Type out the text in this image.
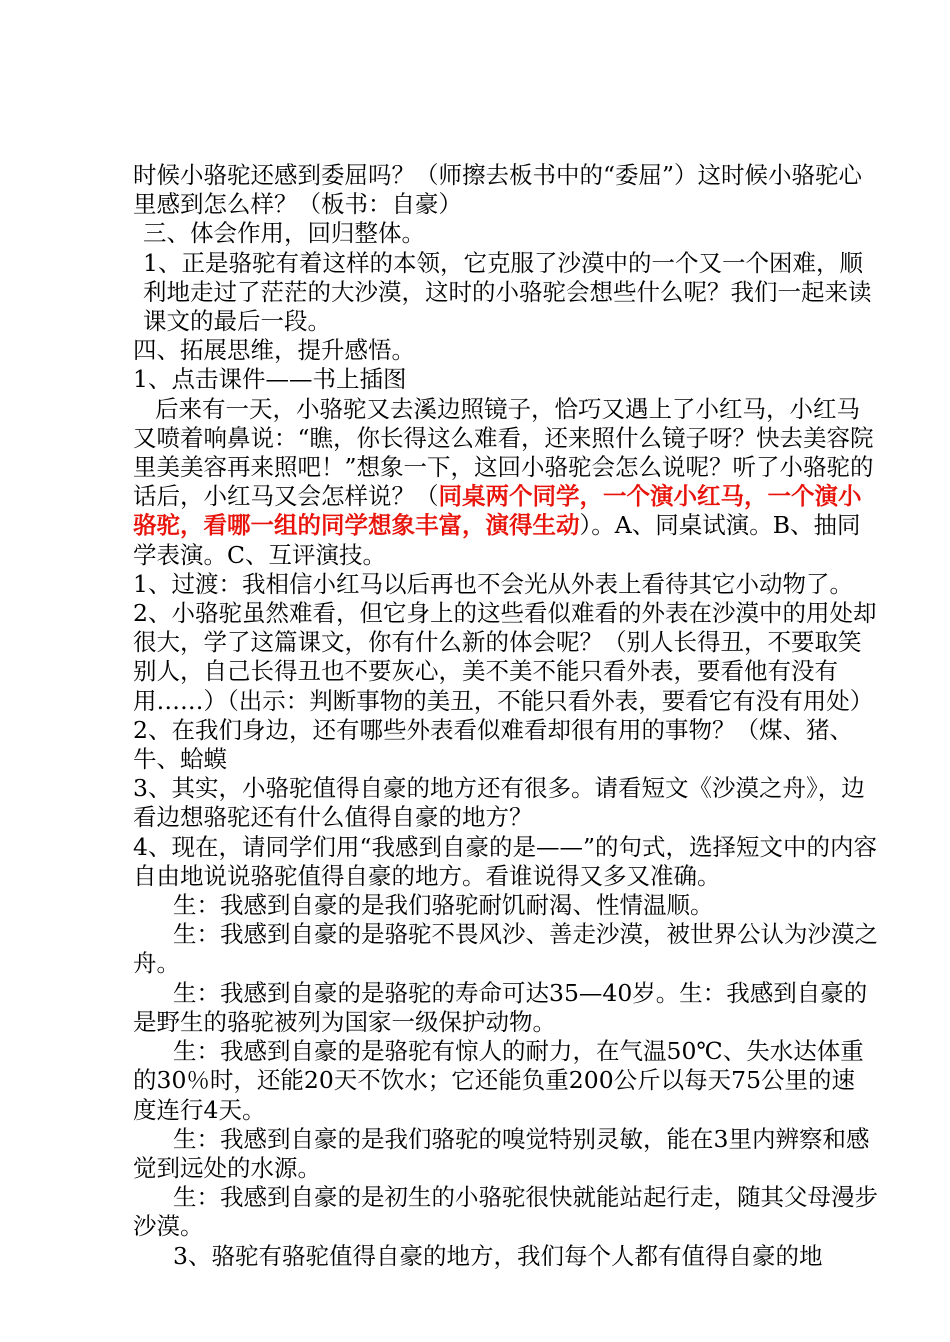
时候小骆驼还感到委屈吗？（师擦去板书中的“委屈”）这时候小骆驼心里感到怎么样？（板书：自豪）

三、体会作用，回归整体。

1、正是骆驼有着这样的本领，它克服了沙漠中的一个又一个困难，顺利地走过了茫茫的大沙漠，这时的小骆驼会想些什么呢？我们一起来读课文的最后一段。

四、拓展思维，提升感悟。

1、点击课件——书上插图

后来有一天，小骆驼又去溪边照镜子，恰巧又遇上了小红马，小红马又喷着响鼻说：“瞧，你长得这么难看，还来照什么镜子呀？快去美容院里美美容再来照吧！”想象一下，这回小骆驼会怎么说呢？听了小骆驼的话后，小红马又会怎样说？（同桌两个同学，一个演小红马，一个演小骆驼，看哪一组的同学想象丰富，演得生动）。A、同桌试演。B、抽同学表演。C、互评演技。

1、过渡：我相信小红马以后再也不会光从外表上看待其它小动物了。

2、小骆驼虽然难看，但它身上的这些看似难看的外表在沙漠中的用处却很大，学了这篇课文，你有什么新的体会呢？（别人长得丑，不要取笑别人，自己长得丑也不要灰心，美不美不能只看外表，要看他有没有用……）（出示：判断事物的美丑，不能只看外表，要看它有没有用处）

2、在我们身边，还有哪些外表看似难看却很有用的事物？（煤、猪、牛、蛤蟆

3、其实，小骆驼值得自豪的地方还有很多。请看短文《沙漠之舟》，边看边想骆驼还有什么值得自豪的地方？

4、现在，请同学们用“我感到自豪的是——”的句式，选择短文中的内容自由地说说骆驼值得自豪的地方。看谁说得又多又准确。

生：我感到自豪的是我们骆驼耐饥耐渴、性情温顺。

生：我感到自豪的是骆驼不畏风沙、善走沙漠，被世界公认为沙漠之舟。

生：我感到自豪的是骆驼的寿命可达35—40岁。生：我感到自豪的是野生的骆驼被列为国家一级保护动物。

生：我感到自豪的是骆驼有惊人的耐力，在气温50℃、失水达体重的30％时，还能20天不饮水；它还能负重200公斤以每天75公里的速度连行4天。

生：我感到自豪的是我们骆驼的嗅觉特别灵敏，能在3里内辨察和感觉到远处的水源。

生：我感到自豪的是初生的小骆驼很快就能站起行走，随其父母漫步沙漠。

3、骆驼有骆驼值得自豪的地方，我们每个人都有值得自豪的地
